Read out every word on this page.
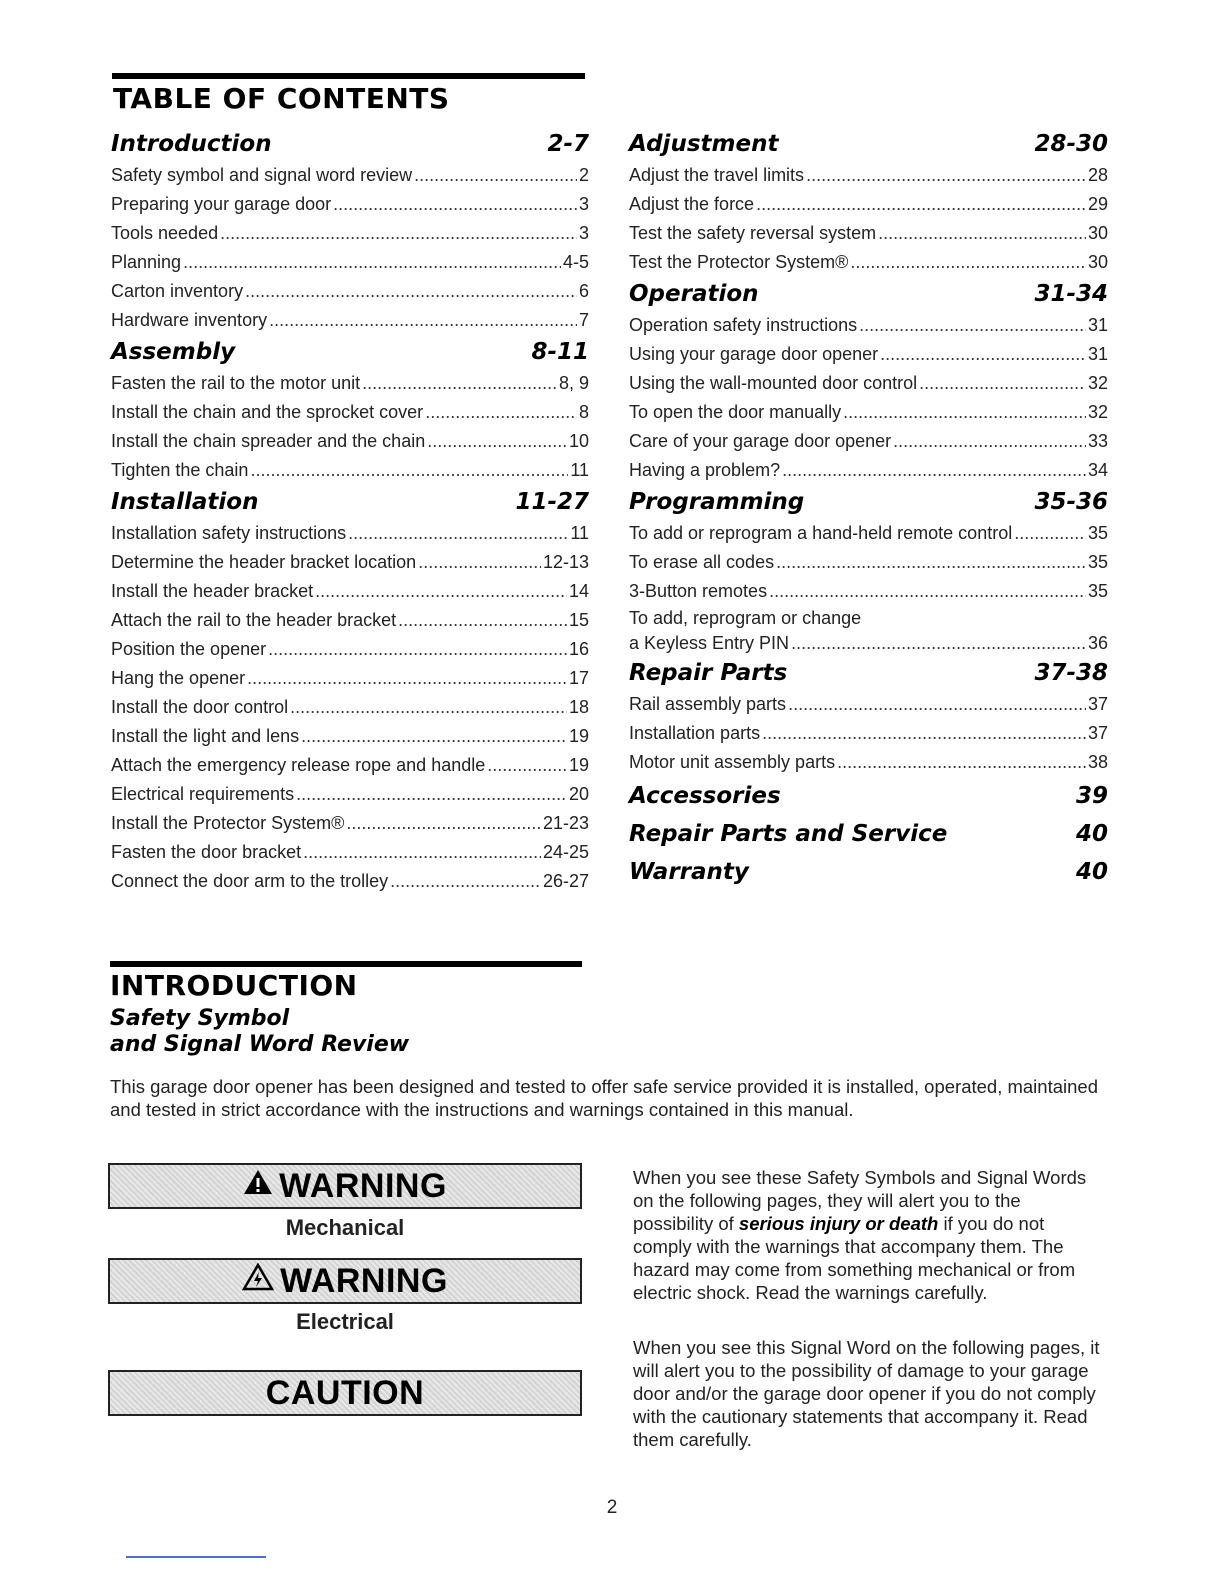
TABLE OF CONTENTS
Introduction	2-7
Safety symbol and signal word review .....	2
Preparing your garage door .....	3
Tools needed .....	3
Planning .....	4-5
Carton inventory .....	6
Hardware inventory .....	7
Assembly	8-11
Fasten the rail to the motor unit .....	8, 9
Install the chain and the sprocket cover .....	8
Install the chain spreader and the chain .....	10
Tighten the chain .....	11
Installation	11-27
Installation safety instructions .....	11
Determine the header bracket location .....	12-13
Install the header bracket .....	14
Attach the rail to the header bracket .....	15
Position the opener .....	16
Hang the opener .....	17
Install the door control .....	18
Install the light and lens .....	19
Attach the emergency release rope and handle .....	19
Electrical requirements .....	20
Install the Protector System® .....	21-23
Fasten the door bracket .....	24-25
Connect the door arm to the trolley .....	26-27
Adjustment	28-30
Adjust the travel limits .....	28
Adjust the force .....	29
Test the safety reversal system .....	30
Test the Protector System® .....	30
Operation	31-34
Operation safety instructions .....	31
Using your garage door opener .....	31
Using the wall-mounted door control .....	32
To open the door manually .....	32
Care of your garage door opener .....	33
Having a problem? .....	34
Programming	35-36
To add or reprogram a hand-held remote control .....	35
To erase all codes .....	35
3-Button remotes .....	35
To add, reprogram or change
a Keyless Entry PIN .....	36
Repair Parts	37-38
Rail assembly parts .....	37
Installation parts .....	37
Motor unit assembly parts .....	38
Accessories	39
Repair Parts and Service	40
Warranty	40
INTRODUCTION
Safety Symbol
and Signal Word Review
This garage door opener has been designed and tested to offer safe service provided it is installed, operated, maintained and tested in strict accordance with the instructions and warnings contained in this manual.
WARNING
Mechanical
WARNING
Electrical
CAUTION
When you see these Safety Symbols and Signal Words on the following pages, they will alert you to the possibility of serious injury or death if you do not comply with the warnings that accompany them. The hazard may come from something mechanical or from electric shock. Read the warnings carefully.
When you see this Signal Word on the following pages, it will alert you to the possibility of damage to your garage door and/or the garage door opener if you do not comply with the cautionary statements that accompany it. Read them carefully.
2
